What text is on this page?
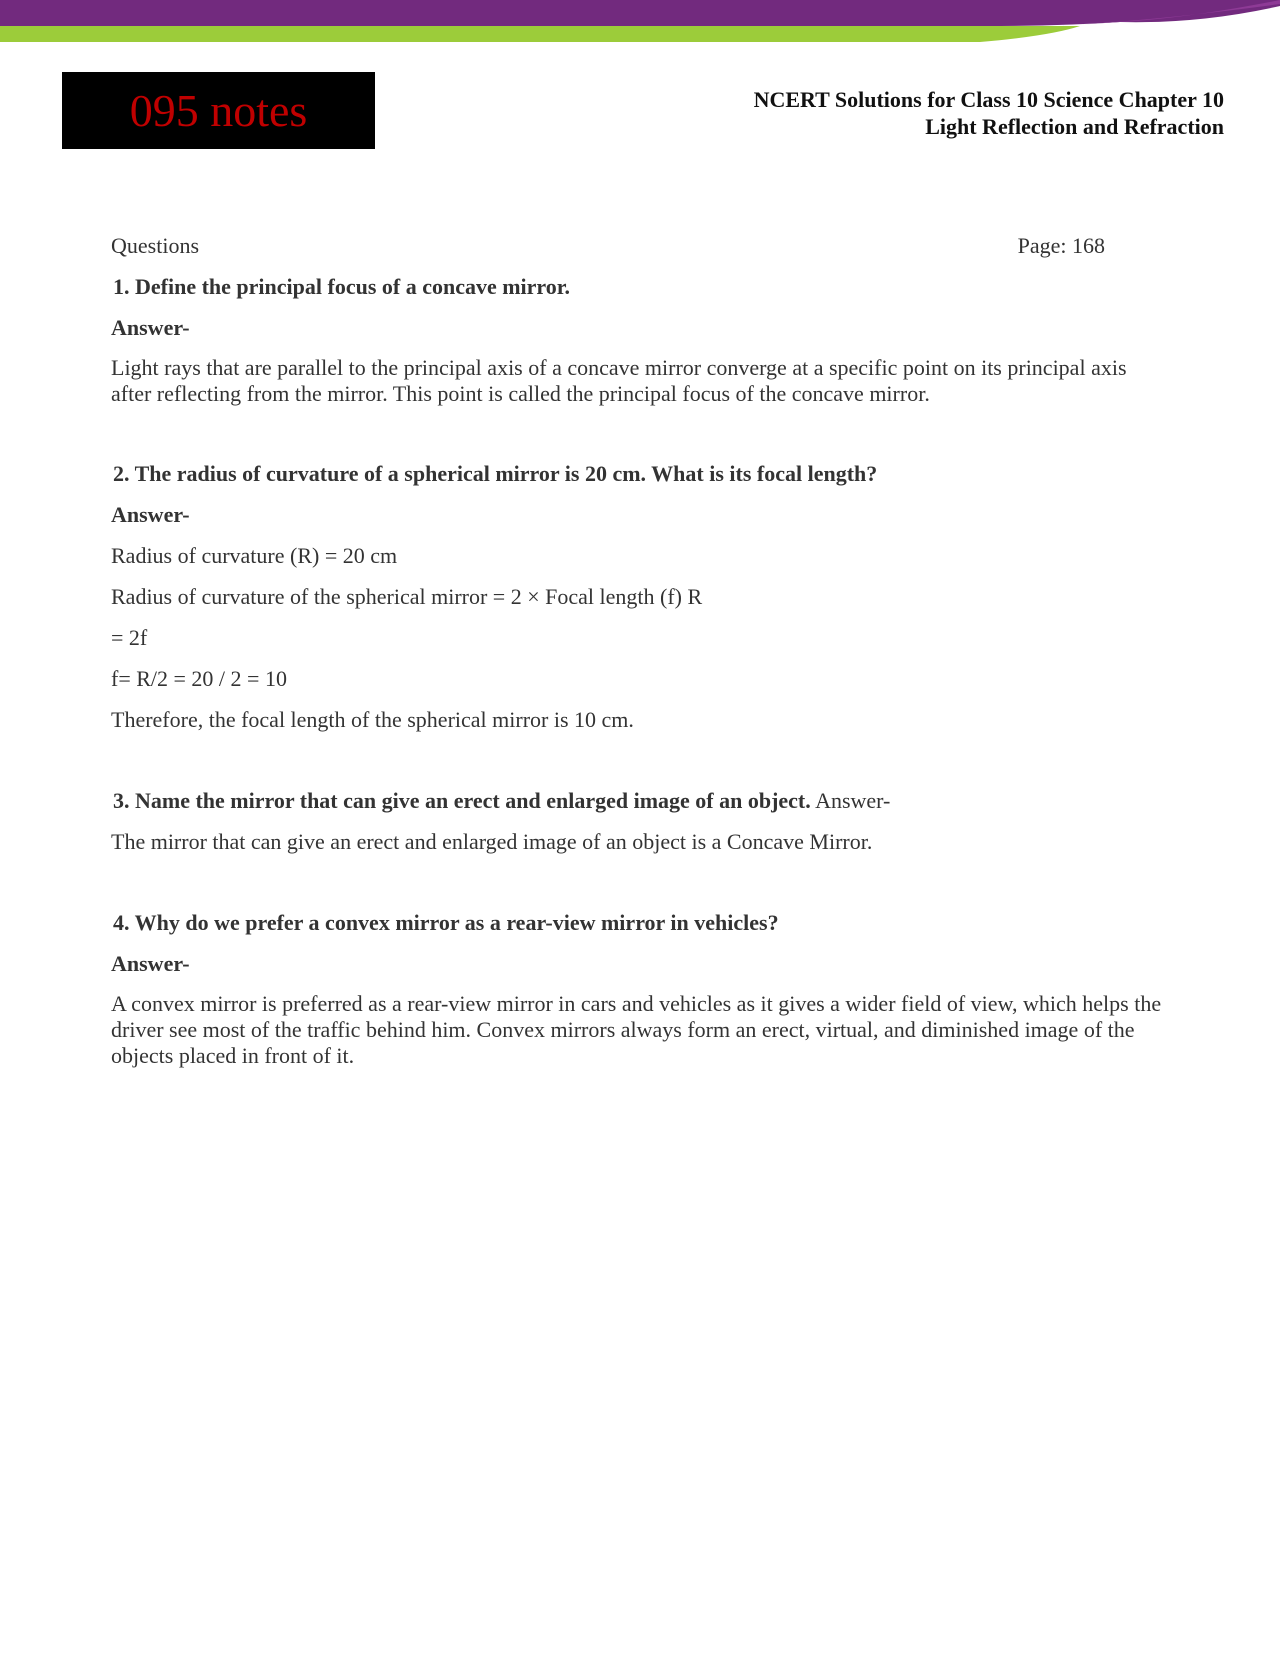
095 notes	NCERT Solutions for Class 10 Science Chapter 10
Light Reflection and Refraction
Questions	Page: 168
1. Define the principal focus of a concave mirror.
Answer-
Light rays that are parallel to the principal axis of a concave mirror converge at a specific point on its principal axis after reflecting from the mirror. This point is called the principal focus of the concave mirror.
2. The radius of curvature of a spherical mirror is 20 cm. What is its focal length?
Answer-
Radius of curvature (R) = 20 cm
Radius of curvature of the spherical mirror = 2 × Focal length (f) R
= 2f
f= R/2 = 20 / 2 = 10
Therefore, the focal length of the spherical mirror is 10 cm.
3. Name the mirror that can give an erect and enlarged image of an object. Answer-
The mirror that can give an erect and enlarged image of an object is a Concave Mirror.
4. Why do we prefer a convex mirror as a rear-view mirror in vehicles?
Answer-
A convex mirror is preferred as a rear-view mirror in cars and vehicles as it gives a wider field of view, which helps the driver see most of the traffic behind him. Convex mirrors always form an erect, virtual, and diminished image of the objects placed in front of it.
